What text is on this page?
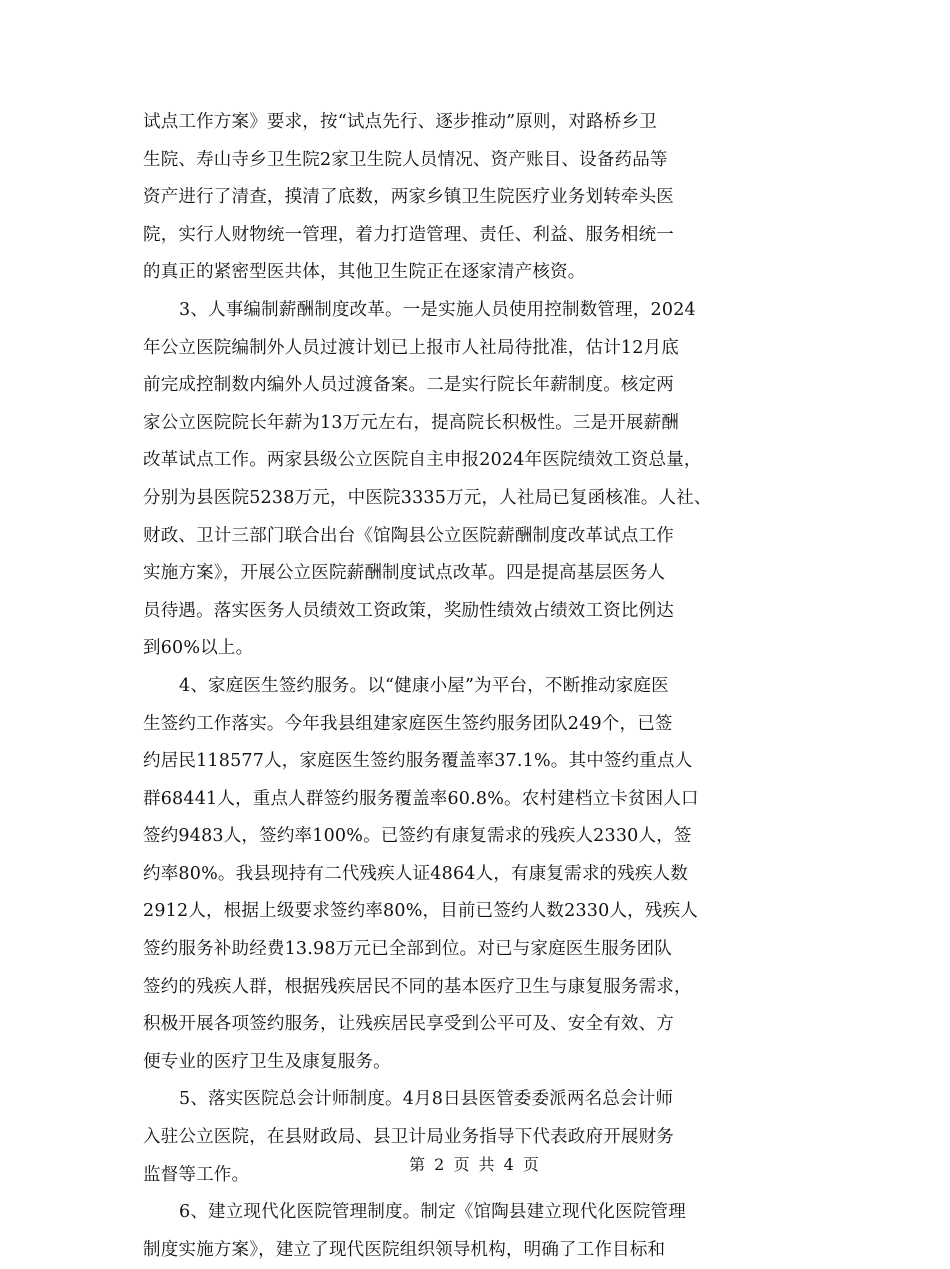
试点工作方案》要求，按“试点先行、逐步推动”原则，对路桥乡卫
生院、寿山寺乡卫生院2家卫生院人员情况、资产账目、设备药品等
资产进行了清查，摸清了底数，两家乡镇卫生院医疗业务划转牵头医
院，实行人财物统一管理，着力打造管理、责任、利益、服务相统一
的真正的紧密型医共体，其他卫生院正在逐家清产核资。
3、人事编制薪酬制度改革。一是实施人员使用控制数管理，2024
年公立医院编制外人员过渡计划已上报市人社局待批准，估计12月底
前完成控制数内编外人员过渡备案。二是实行院长年薪制度。核定两
家公立医院院长年薪为13万元左右，提高院长积极性。三是开展薪酬
改革试点工作。两家县级公立医院自主申报2024年医院绩效工资总量，
分别为县医院5238万元，中医院3335万元，人社局已复函核准。人社、
财政、卫计三部门联合出台《馆陶县公立医院薪酬制度改革试点工作
实施方案》，开展公立医院薪酬制度试点改革。四是提高基层医务人
员待遇。落实医务人员绩效工资政策，奖励性绩效占绩效工资比例达
到60%以上。
4、家庭医生签约服务。以“健康小屋”为平台，不断推动家庭医
生签约工作落实。今年我县组建家庭医生签约服务团队249个，已签
约居民118577人，家庭医生签约服务覆盖率37.1%。其中签约重点人
群68441人，重点人群签约服务覆盖率60.8%。农村建档立卡贫困人口
签约9483人，签约率100%。已签约有康复需求的残疾人2330人，签
约率80%。我县现持有二代残疾人证4864人，有康复需求的残疾人数
2912人，根据上级要求签约率80%，目前已签约人数2330人，残疾人
签约服务补助经费13.98万元已全部到位。对已与家庭医生服务团队
签约的残疾人群，根据残疾居民不同的基本医疗卫生与康复服务需求，
积极开展各项签约服务，让残疾居民享受到公平可及、安全有效、方
便专业的医疗卫生及康复服务。
5、落实医院总会计师制度。4月8日县医管委委派两名总会计师
入驻公立医院，在县财政局、县卫计局业务指导下代表政府开展财务
监督等工作。
6、建立现代化医院管理制度。制定《馆陶县建立现代化医院管理
制度实施方案》，建立了现代医院组织领导机构，明确了工作目标和
第 2 页 共 4 页
